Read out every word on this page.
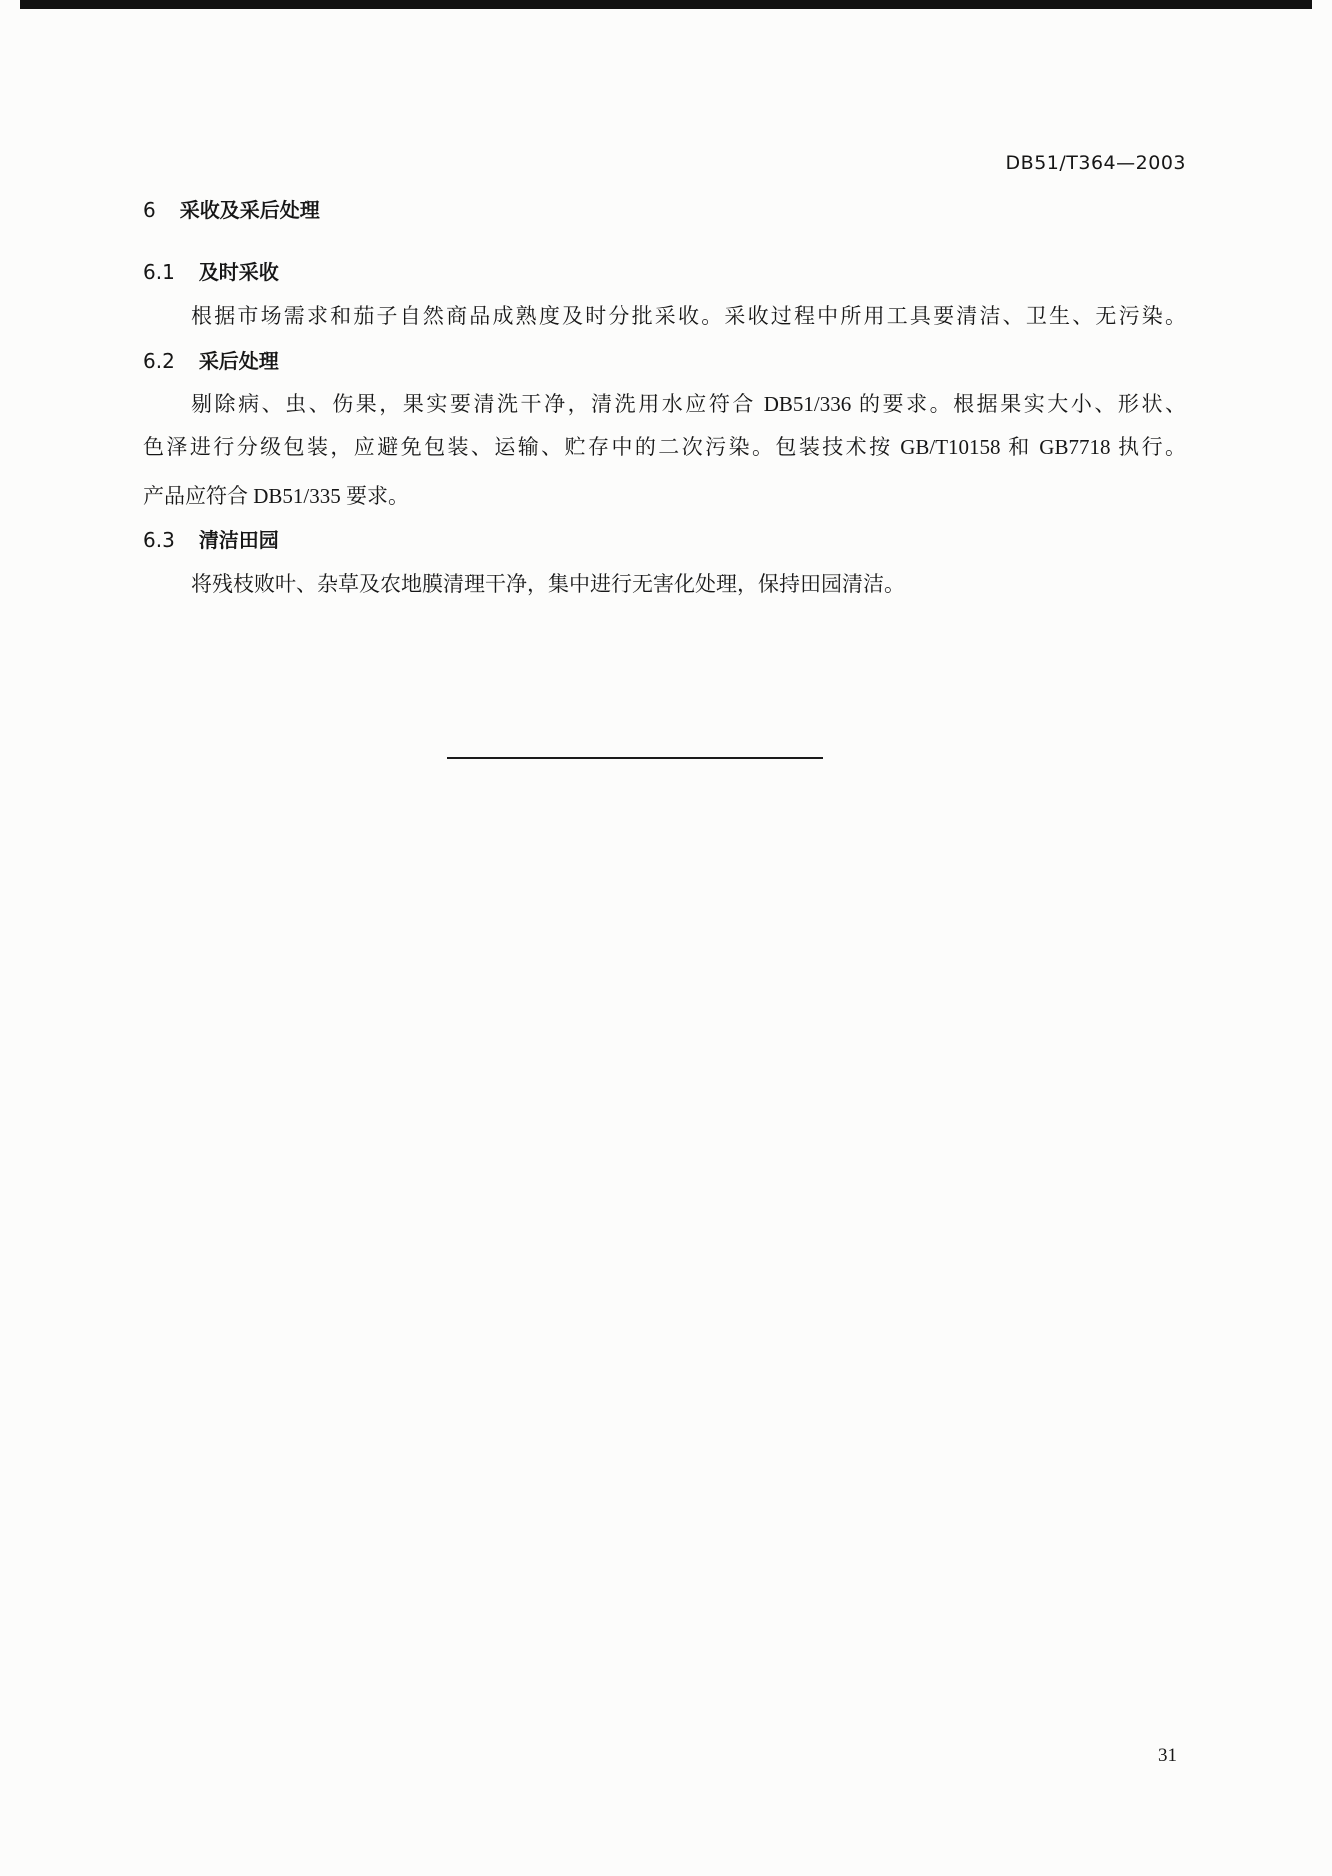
DB51/T364—2003
6 采收及采后处理
6.1 及时采收
根据市场需求和茄子自然商品成熟度及时分批采收。采收过程中所用工具要清洁、卫生、无污染。
6.2 采后处理
剔除病、虫、伤果，果实要清洗干净，清洗用水应符合 DB51/336 的要求。根据果实大小、形状、
色泽进行分级包装，应避免包装、运输、贮存中的二次污染。包装技术按 GB/T10158 和 GB7718 执行。
产品应符合 DB51/335 要求。
6.3 清洁田园
将残枝败叶、杂草及农地膜清理干净，集中进行无害化处理，保持田园清洁。
31
